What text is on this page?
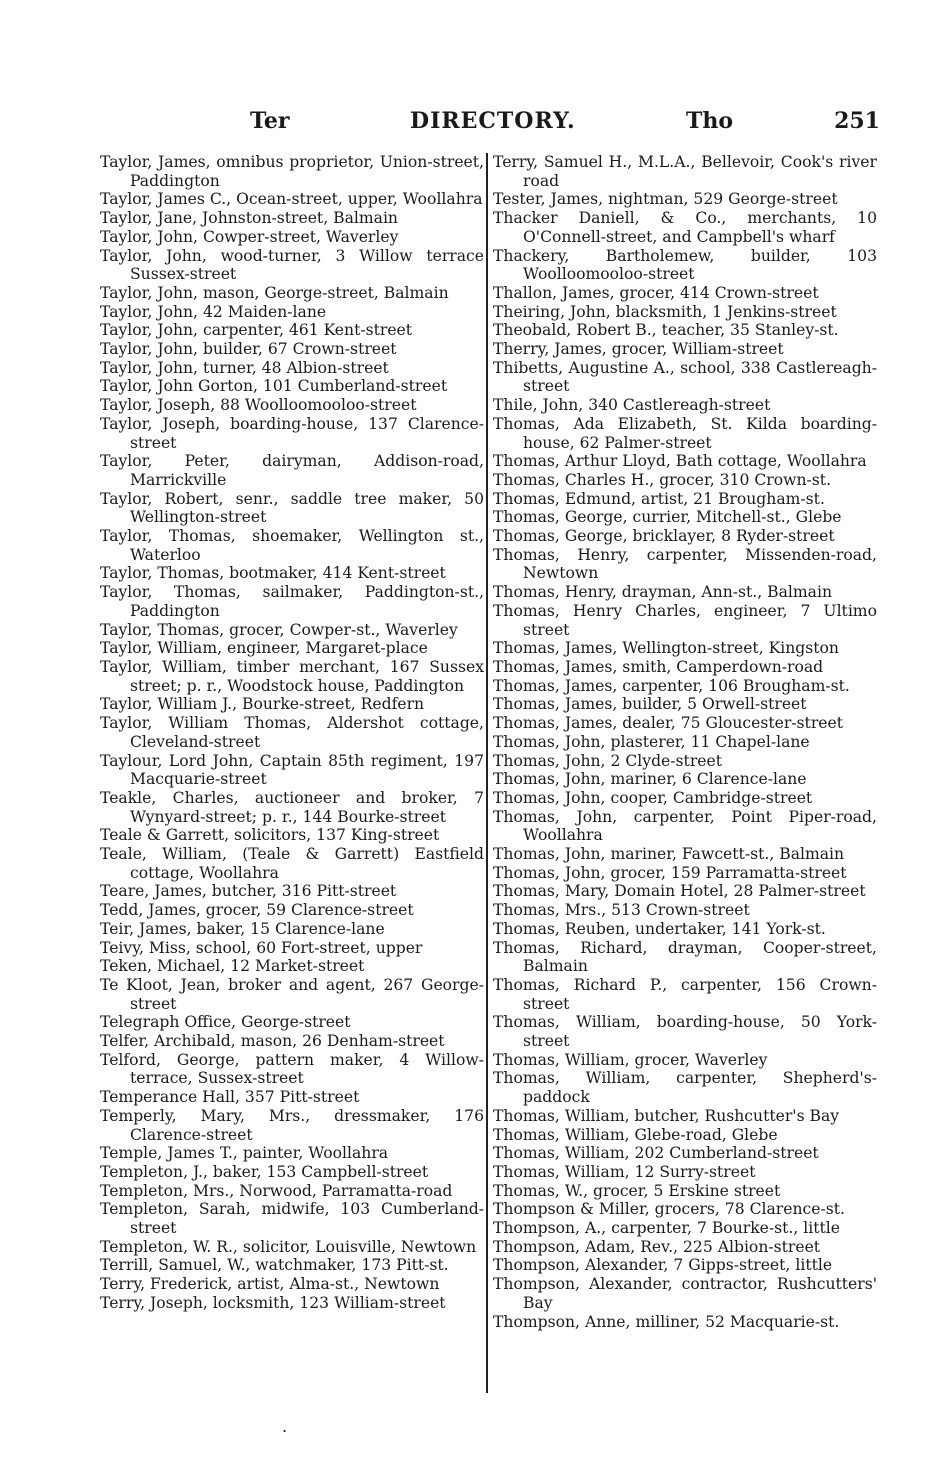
Ter	DIRECTORY.	Tho	251
Taylor, James, omnibus proprietor, Union-street, Paddington
Taylor, James C., Ocean-street, upper, Woollahra
Taylor, Jane, Johnston-street, Balmain
Taylor, John, Cowper-street, Waverley
Taylor, John, wood-turner, 3 Willow terrace Sussex-street
Taylor, John, mason, George-street, Balmain
Taylor, John, 42 Maiden-lane
Taylor, John, carpenter, 461 Kent-street
Taylor, John, builder, 67 Crown-street
Taylor, John, turner, 48 Albion-street
Taylor, John Gorton, 101 Cumberland-street
Taylor, Joseph, 88 Woolloomooloo-street
Taylor, Joseph, boarding-house, 137 Clarence-street
Taylor, Peter, dairyman, Addison-road, Marrickville
Taylor, Robert, senr., saddle tree maker, 50 Wellington-street
Taylor, Thomas, shoemaker, Wellington st., Waterloo
Taylor, Thomas, bootmaker, 414 Kent-street
Taylor, Thomas, sailmaker, Paddington-st., Paddington
Taylor, Thomas, grocer, Cowper-st., Waverley
Taylor, William, engineer, Margaret-place
Taylor, William, timber merchant, 167 Sussex street; p. r., Woodstock house, Paddington
Taylor, William J., Bourke-street, Redfern
Taylor, William Thomas, Aldershot cottage, Cleveland-street
Taylour, Lord John, Captain 85th regiment, 197 Macquarie-street
Teakle, Charles, auctioneer and broker, 7 Wynyard-street; p. r., 144 Bourke-street
Teale & Garrett, solicitors, 137 King-street
Teale, William, (Teale & Garrett) Eastfield cottage, Woollahra
Teare, James, butcher, 316 Pitt-street
Tedd, James, grocer, 59 Clarence-street
Teir, James, baker, 15 Clarence-lane
Teivy, Miss, school, 60 Fort-street, upper
Teken, Michael, 12 Market-street
Te Kloot, Jean, broker and agent, 267 George-street
Telegraph Office, George-street
Telfer, Archibald, mason, 26 Denham-street
Telford, George, pattern maker, 4 Willow-terrace, Sussex-street
Temperance Hall, 357 Pitt-street
Temperly, Mary, Mrs., dressmaker, 176 Clarence-street
Temple, James T., painter, Woollahra
Templeton, J., baker, 153 Campbell-street
Templeton, Mrs., Norwood, Parramatta-road
Templeton, Sarah, midwife, 103 Cumberland-street
Templeton, W. R., solicitor, Louisville, Newtown
Terrill, Samuel, W., watchmaker, 173 Pitt-st.
Terry, Frederick, artist, Alma-st., Newtown
Terry, Joseph, locksmith, 123 William-street
Terry, Samuel H., M.L.A., Bellevoir, Cook's river road
Tester, James, nightman, 529 George-street
Thacker Daniell, & Co., merchants, 10 O'Connell-street, and Campbell's wharf
Thackery, Bartholemew, builder, 103 Woolloomooloo-street
Thallon, James, grocer, 414 Crown-street
Theiring, John, blacksmith, 1 Jenkins-street
Theobald, Robert B., teacher, 35 Stanley-st.
Therry, James, grocer, William-street
Thibetts, Augustine A., school, 338 Castlereagh-street
Thile, John, 340 Castlereagh-street
Thomas, Ada Elizabeth, St. Kilda boarding-house, 62 Palmer-street
Thomas, Arthur Lloyd, Bath cottage, Woollahra
Thomas, Charles H., grocer, 310 Crown-st.
Thomas, Edmund, artist, 21 Brougham-st.
Thomas, George, currier, Mitchell-st., Glebe
Thomas, George, bricklayer, 8 Ryder-street
Thomas, Henry, carpenter, Missenden-road, Newtown
Thomas, Henry, drayman, Ann-st., Balmain
Thomas, Henry Charles, engineer, 7 Ultimo street
Thomas, James, Wellington-street, Kingston
Thomas, James, smith, Camperdown-road
Thomas, James, carpenter, 106 Brougham-st.
Thomas, James, builder, 5 Orwell-street
Thomas, James, dealer, 75 Gloucester-street
Thomas, John, plasterer, 11 Chapel-lane
Thomas, John, 2 Clyde-street
Thomas, John, mariner, 6 Clarence-lane
Thomas, John, cooper, Cambridge-street
Thomas, John, carpenter, Point Piper-road, Woollahra
Thomas, John, mariner, Fawcett-st., Balmain
Thomas, John, grocer, 159 Parramatta-street
Thomas, Mary, Domain Hotel, 28 Palmer-street
Thomas, Mrs., 513 Crown-street
Thomas, Reuben, undertaker, 141 York-st.
Thomas, Richard, drayman, Cooper-street, Balmain
Thomas, Richard P., carpenter, 156 Crown-street
Thomas, William, boarding-house, 50 York-street
Thomas, William, grocer, Waverley
Thomas, William, carpenter, Shepherd's-paddock
Thomas, William, butcher, Rushcutter's Bay
Thomas, William, Glebe-road, Glebe
Thomas, William, 202 Cumberland-street
Thomas, William, 12 Surry-street
Thomas, W., grocer, 5 Erskine street
Thompson & Miller, grocers, 78 Clarence-st.
Thompson, A., carpenter, 7 Bourke-st., little
Thompson, Adam, Rev., 225 Albion-street
Thompson, Alexander, 7 Gipps-street, little
Thompson, Alexander, contractor, Rushcutters' Bay
Thompson, Anne, milliner, 52 Macquarie-st.
.
